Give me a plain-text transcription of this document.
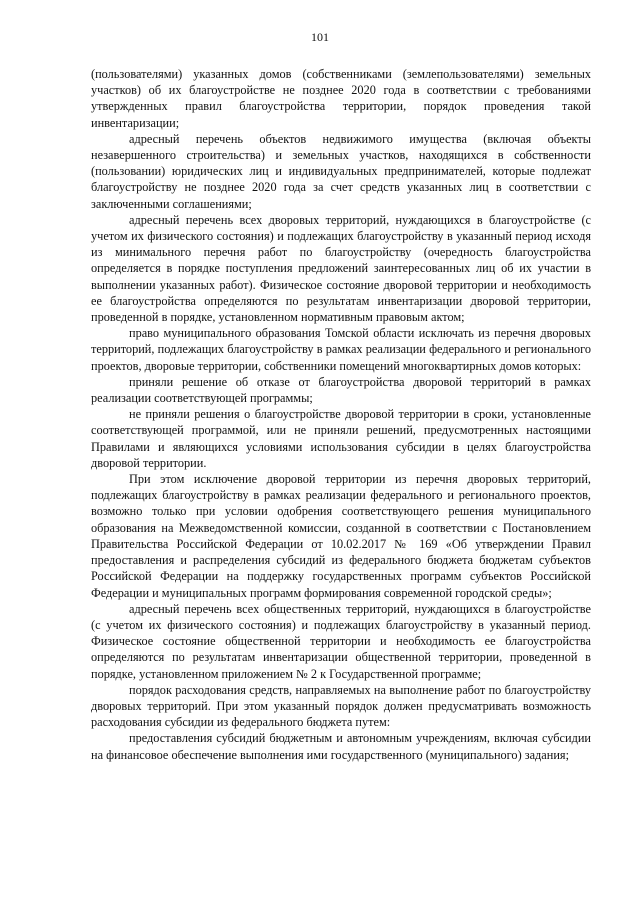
101

(пользователями) указанных домов (собственниками (землепользователями) земельных участков) об их благоустройстве не позднее 2020 года в соответствии с требованиями утвержденных правил благоустройства территории, порядок проведения такой инвентаризации;

адресный перечень объектов недвижимого имущества (включая объекты незавершенного строительства) и земельных участков, находящихся в собственности (пользовании) юридических лиц и индивидуальных предпринимателей, которые подлежат благоустройству не позднее 2020 года за счет средств указанных лиц в соответствии с заключенными соглашениями;

адресный перечень всех дворовых территорий, нуждающихся в благоустройстве (с учетом их физического состояния) и подлежащих благоустройству в указанный период исходя из минимального перечня работ по благоустройству (очередность благоустройства определяется в порядке поступления предложений заинтересованных лиц об их участии в выполнении указанных работ). Физическое состояние дворовой территории и необходимость ее благоустройства определяются по результатам инвентаризации дворовой территории, проведенной в порядке, установленном нормативным правовым актом;

право муниципального образования Томской области исключать из перечня дворовых территорий, подлежащих благоустройству в рамках реализации федерального и регионального проектов, дворовые территории, собственники помещений многоквартирных домов которых:

приняли решение об отказе от благоустройства дворовой территорий в рамках реализации соответствующей программы;

не приняли решения о благоустройстве дворовой территории в сроки, установленные соответствующей программой, или не приняли решений, предусмотренных настоящими Правилами и являющихся условиями использования субсидии в целях благоустройства дворовой территории.

При этом исключение дворовой территории из перечня дворовых территорий, подлежащих благоустройству в рамках реализации федерального и регионального проектов, возможно только при условии одобрения соответствующего решения муниципального образования на Межведомственной комиссии, созданной в соответствии с Постановлением Правительства Российской Федерации от 10.02.2017 № 169 «Об утверждении Правил предоставления и распределения субсидий из федерального бюджета бюджетам субъектов Российской Федерации на поддержку государственных программ субъектов Российской Федерации и муниципальных программ формирования современной городской среды»;

адресный перечень всех общественных территорий, нуждающихся в благоустройстве (с учетом их физического состояния) и подлежащих благоустройству в указанный период. Физическое состояние общественной территории и необходимость ее благоустройства определяются по результатам инвентаризации общественной территории, проведенной в порядке, установленном приложением № 2 к Государственной программе;

порядок расходования средств, направляемых на выполнение работ по благоустройству дворовых территорий. При этом указанный порядок должен предусматривать возможность расходования субсидии из федерального бюджета путем:

предоставления субсидий бюджетным и автономным учреждениям, включая субсидии на финансовое обеспечение выполнения ими государственного (муниципального) задания;
